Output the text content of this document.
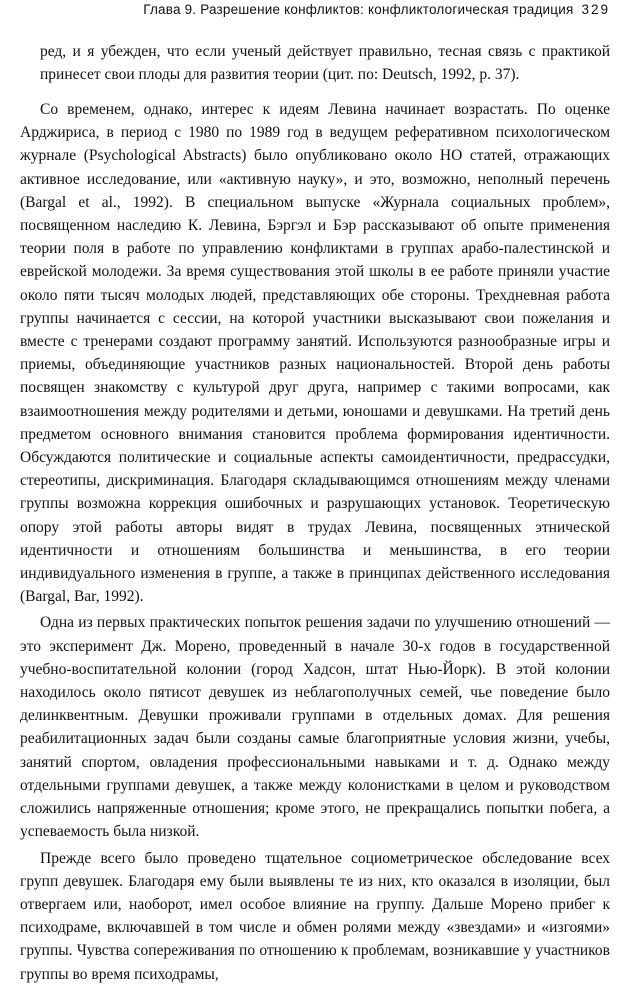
Глава 9. Разрешение конфликтов: конфликтологическая традиция 329

ред, и я убежден, что если ученый действует правильно, тесная связь с практикой принесет свои плоды для развития теории (цит. по: Deutsch, 1992, р. 37).

Со временем, однако, интерес к идеям Левина начинает возрастать. По оценке Арджириса, в период с 1980 по 1989 год в ведущем реферативном психологическом журнале (Psychological Abstracts) было опубликовано около НО статей, отражающих активное исследование, или «активную науку», и это, возможно, неполный перечень (Bargal et al., 1992). В специальном выпуске «Журнала социальных проблем», посвященном наследию К. Левина, Бэргэл и Бэр рассказывают об опыте применения теории поля в работе по управлению конфликтами в группах арабо-палестинской и еврейской молодежи. За время существования этой школы в ее работе приняли участие около пяти тысяч молодых людей, представляющих обе стороны. Трехдневная работа группы начинается с сессии, на которой участники высказывают свои пожелания и вместе с тренерами создают программу занятий. Используются разнообразные игры и приемы, объединяющие участников разных национальностей. Второй день работы посвящен знакомству с культурой друг друга, например с такими вопросами, как взаимоотношения между родителями и детьми, юношами и девушками. На третий день предметом основного внимания становится проблема формирования идентичности. Обсуждаются политические и социальные аспекты самоидентичности, предрассудки, стереотипы, дискриминация. Благодаря складывающимся отношениям между членами группы возможна коррекция ошибочных и разрушающих установок. Теоретическую опору этой работы авторы видят в трудах Левина, посвященных этнической идентичности и отношениям большинства и меньшинства, в его теории индивидуального изменения в группе, а также в принципах действенного исследования (Bargal, Bar, 1992).

Одна из первых практических попыток решения задачи по улучшению отношений — это эксперимент Дж. Морено, проведенный в начале 30-х годов в государственной учебно-воспитательной колонии (город Хадсон, штат Нью-Йорк). В этой колонии находилось около пятисот девушек из неблагополучных семей, чье поведение было делинквентным. Девушки проживали группами в отдельных домах. Для решения реабилитационных задач были созданы самые благоприятные условия жизни, учебы, занятий спортом, овладения профессиональными навыками и т. д. Однако между отдельными группами девушек, а также между колонистками в целом и руководством сложились напряженные отношения; кроме этого, не прекращались попытки побега, а успеваемость была низкой.

Прежде всего было проведено тщательное социометрическое обследование всех групп девушек. Благодаря ему были выявлены те из них, кто оказался в изоляции, был отвергаем или, наоборот, имел особое влияние на группу. Дальше Морено прибег к психодраме, включавшей в том числе и обмен ролями между «звездами» и «изгоями» группы. Чувства сопереживания по отношению к проблемам, возникавшие у участников группы во время психодрамы,
